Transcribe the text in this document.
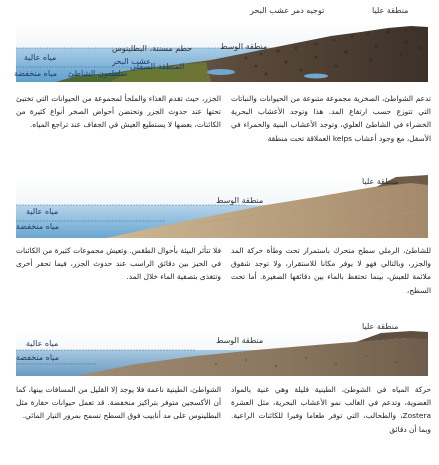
منطقة عليا
توجيه دمر عشب البحر
منطقة الوسط
حطم مسننة، البطلينوس
مياه عالية	عشب البحر
المنطقة السفلى
مياه منخفضة سلطعون الشاطئ

تدعم الشواطئ، الصخرية مجموعة متنوعة من الحيوانات والنباتات التي تتوزع حسب ارتفاع المد. هذا وتوجد الأعشاب البحرية الخضراء في الشاطئ العلوي، وتوجد الأعشاب البنية والحمراء في الأسفل، مع وجود أعشاب kelps العملاقة تحت منطقة

الجزر، حيث تقدم الغذاء والملجأ لمجموعة من الحيوانات التي تختبئ تحتها عند حدوث الجزر وتحتضن أحواض الصخر أنواع كثيرة من الكائنات، بعضها لا يستطيع العيش في الجفاف عند تراجع المياه.

منطقة عليا
منطقة الوسط
مياه عالية
مياه منخفضة

للشاطئ، الرملي سطح متحرك باستمرار تحت وطأة حركة المد والجزر، وبالتالي فهو لا يوفر مكانا للاستقرار، ولا توجد شقوق ملائمة للعيش، بينما تحتفظ بالماء بين دقائقها الصغيرة. أما تحت السطح،

فلا تتأثر البيئة بأحوال الطقس. وتعيش مجموعات كثيرة من الكائنات في الحيز بين دقائق الراسب عند حدوث الجزر، فيما تحفر أخرى وتتغذى بتصفية الماء خلال المد.

منطقة عليا
منطقة الوسط
مياه عالية
مياه منخفضة

حركة المياه في الشوطئ، الطينية قليلة وهي غنية بالمواد العضوية، وتدعم في الغالب نمو الأعشاب البحرية، مثل العشرة Zostera، والطحالب، التي توفر طعاما وفيرا للكائنات الراعية. وبما أن دقائق

الشواطئ، الطينية ناعمة فلا يوجد إلا القليل من المسافات بينها، كما أن الأكسجين متوفر بتراكيز منخفضة. قد تعمل حيوانات حفارة مثل البطلينوس على مد أنابيب فوق السطح تسمح بمرور التيار المائي.
